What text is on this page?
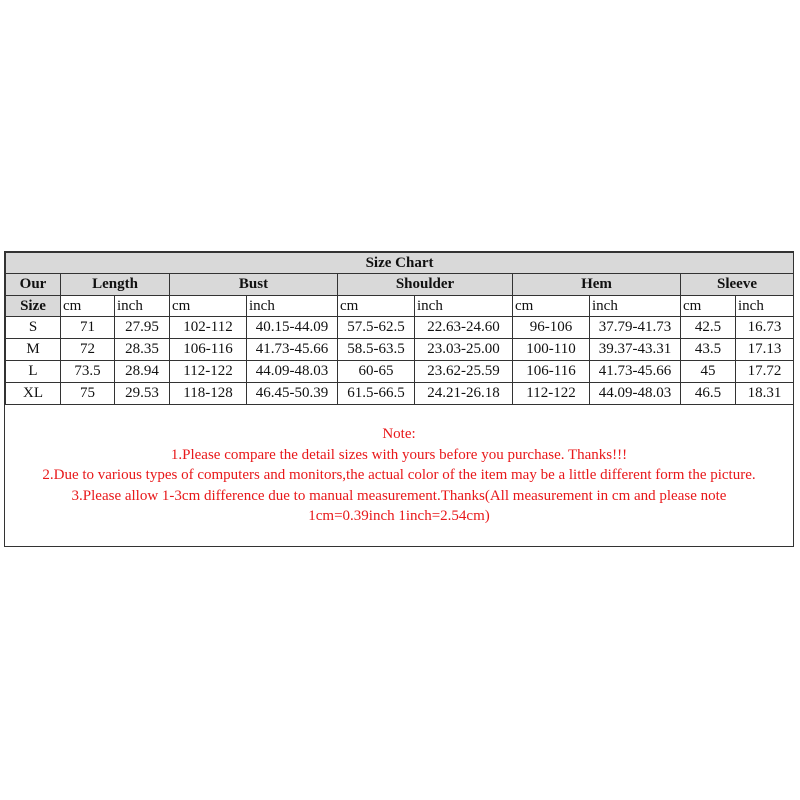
Size Chart										
Our	Length		Bust		Shoulder		Hem		Sleeve	
Size	cm	inch	cm	inch	cm	inch	cm	inch	cm	inch
S	71	27.95	102-112	40.15-44.09	57.5-62.5	22.63-24.60	96-106	37.79-41.73	42.5	16.73
M	72	28.35	106-116	41.73-45.66	58.5-63.5	23.03-25.00	100-110	39.37-43.31	43.5	17.13
L	73.5	28.94	112-122	44.09-48.03	60-65	23.62-25.59	106-116	41.73-45.66	45	17.72
XL	75	29.53	118-128	46.45-50.39	61.5-66.5	24.21-26.18	112-122	44.09-48.03	46.5	18.31
Note:
1.Please compare the detail sizes with yours before you purchase. Thanks!!!
2.Due to various types of computers and monitors,the actual color of the item may be a little different form the picture.
3.Please allow 1-3cm difference due to manual measurement.Thanks(All measurement in cm and please note 1cm=0.39inch 1inch=2.54cm)
